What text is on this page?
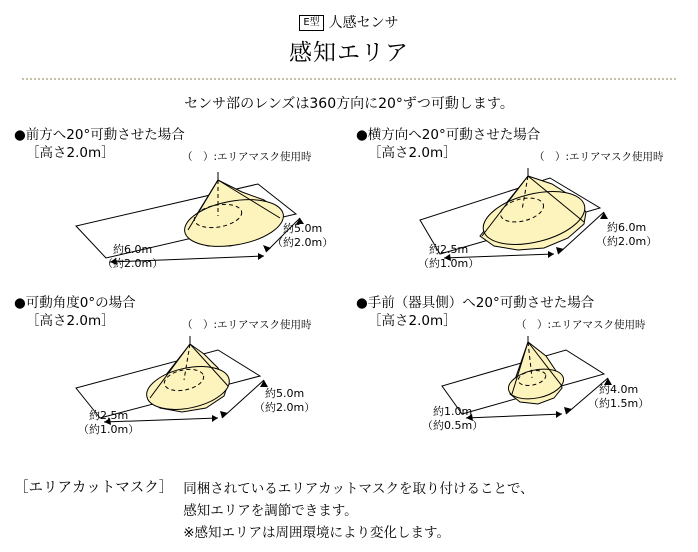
E型 人感センサ
感知エリア
センサ部のレンズは360方向に20°ずつ可動します。
●前方へ20°可動させた場合
［高さ2.0m］	（　）:エリアマスク使用時
約5.0m
（約2.0m）
約6.0m
（約2.0m）
●横方向へ20°可動させた場合
［高さ2.0m］	（　）:エリアマスク使用時
約6.0m
（約2.0m）
約2.5m
（約1.0m）
●可動角度0°の場合
［高さ2.0m］	（　）:エリアマスク使用時
約5.0m
（約2.0m）
約2.5m
（約1.0m）
●手前（器具側）へ20°可動させた場合
［高さ2.0m］	（　）:エリアマスク使用時
約4.0m
（約1.5m）
約1.0m
（約0.5m）
［エリアカットマスク］ 同梱されているエリアカットマスクを取り付けることで、
感知エリアを調節できます。
※感知エリアは周囲環境により変化します。
